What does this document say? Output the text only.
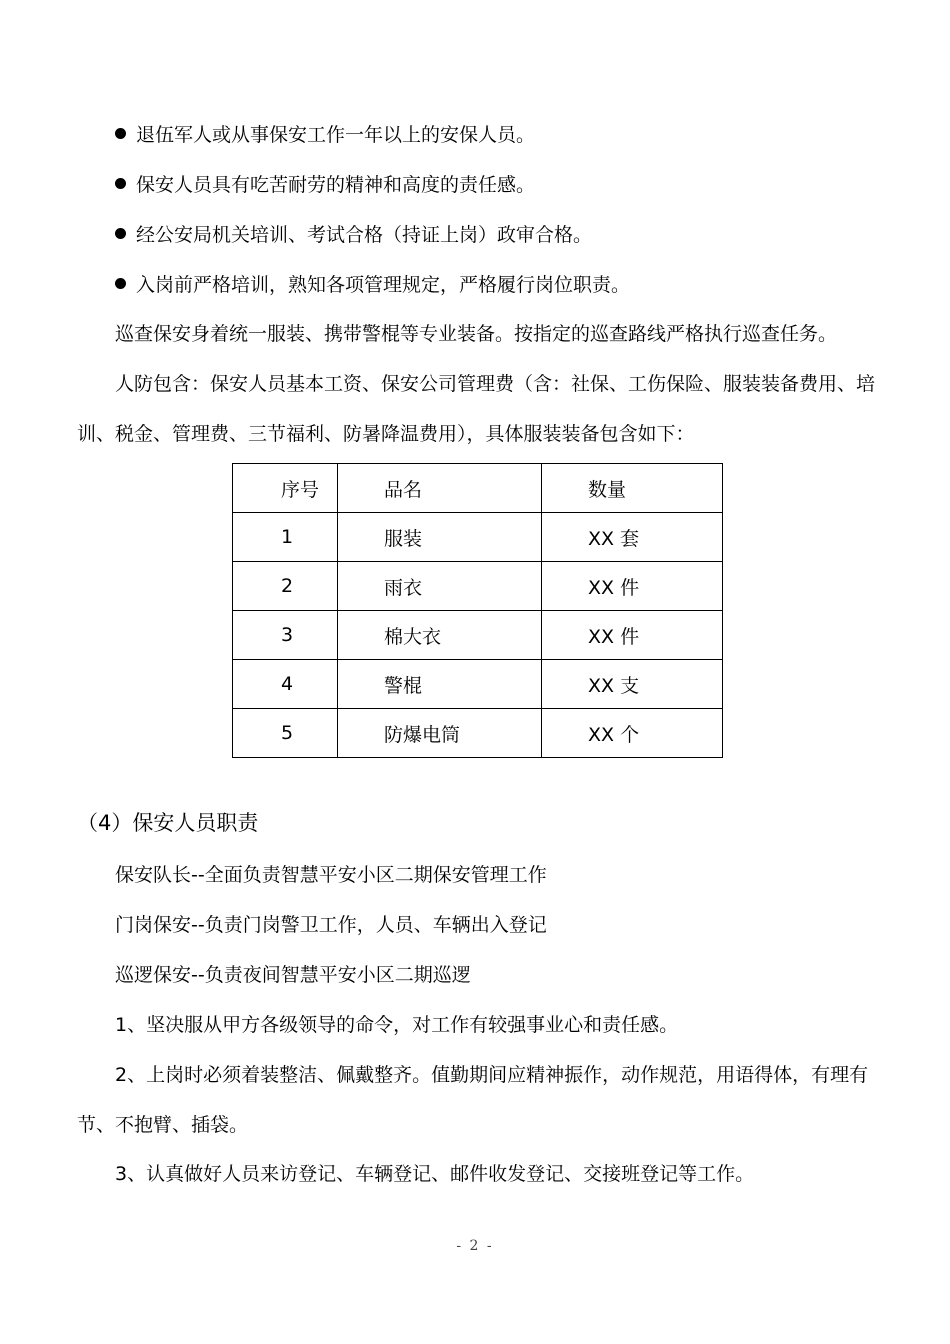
退伍军人或从事保安工作一年以上的安保人员。
保安人员具有吃苦耐劳的精神和高度的责任感。
经公安局机关培训、考试合格（持证上岗）政审合格。
入岗前严格培训，熟知各项管理规定，严格履行岗位职责。
巡查保安身着统一服装、携带警棍等专业装备。按指定的巡查路线严格执行巡查任务。
人防包含：保安人员基本工资、保安公司管理费（含：社保、工伤保险、服装装备费用、培
训、税金、管理费、三节福利、防暑降温费用），具体服装装备包含如下：
序号	品名	数量
1	服装	XX 套
2	雨衣	XX 件
3	棉大衣	XX 件
4	警棍	XX 支
5	防爆电筒	XX 个
（4）保安人员职责
保安队长--全面负责智慧平安小区二期保安管理工作
门岗保安--负责门岗警卫工作，人员、车辆出入登记
巡逻保安--负责夜间智慧平安小区二期巡逻
1、坚决服从甲方各级领导的命令，对工作有较强事业心和责任感。
2、上岗时必须着装整洁、佩戴整齐。值勤期间应精神振作，动作规范，用语得体，有理有
节、不抱臂、插袋。
3、认真做好人员来访登记、车辆登记、邮件收发登记、交接班登记等工作。
- 2 -
